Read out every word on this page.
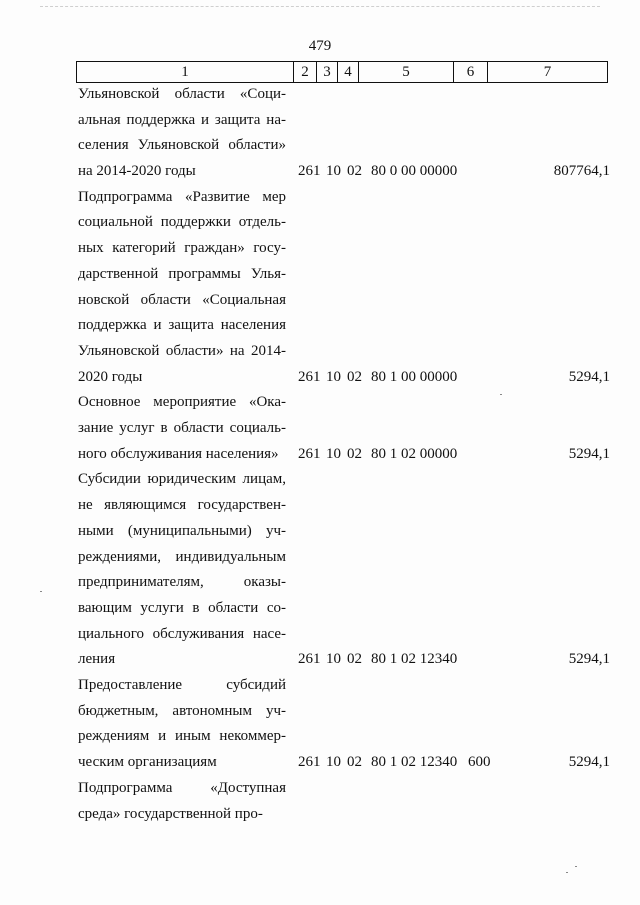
479
1	2	3	4	5	6	7
Ульяновской области «Соци-
альная поддержка и защита на-
селения Ульяновской области»
на 2014-2020 годы	261 10 02 80 0 00 00000	807764,1
Подпрограмма «Развитие мер
социальной поддержки отдель-
ных категорий граждан» госу-
дарственной программы Улья-
новской области «Социальная
поддержка и защита населения
Ульяновской области» на 2014-
2020 годы	261 10 02 80 1 00 00000	5294,1
Основное мероприятие «Ока-
зание услуг в области социаль-
ного обслуживания населения»	261 10 02 80 1 02 00000	5294,1
Субсидии юридическим лицам,
не являющимся государствен-
ными (муниципальными) уч-
реждениями, индивидуальным
предпринимателям, оказы-
вающим услуги в области со-
циального обслуживания насе-
ления	261 10 02 80 1 02 12340	5294,1
Предоставление субсидий
бюджетным, автономным уч-
реждениям и иным некоммер-
ческим организациям	261 10 02 80 1 02 12340 600	5294,1
Подпрограмма «Доступная
среда» государственной про-
